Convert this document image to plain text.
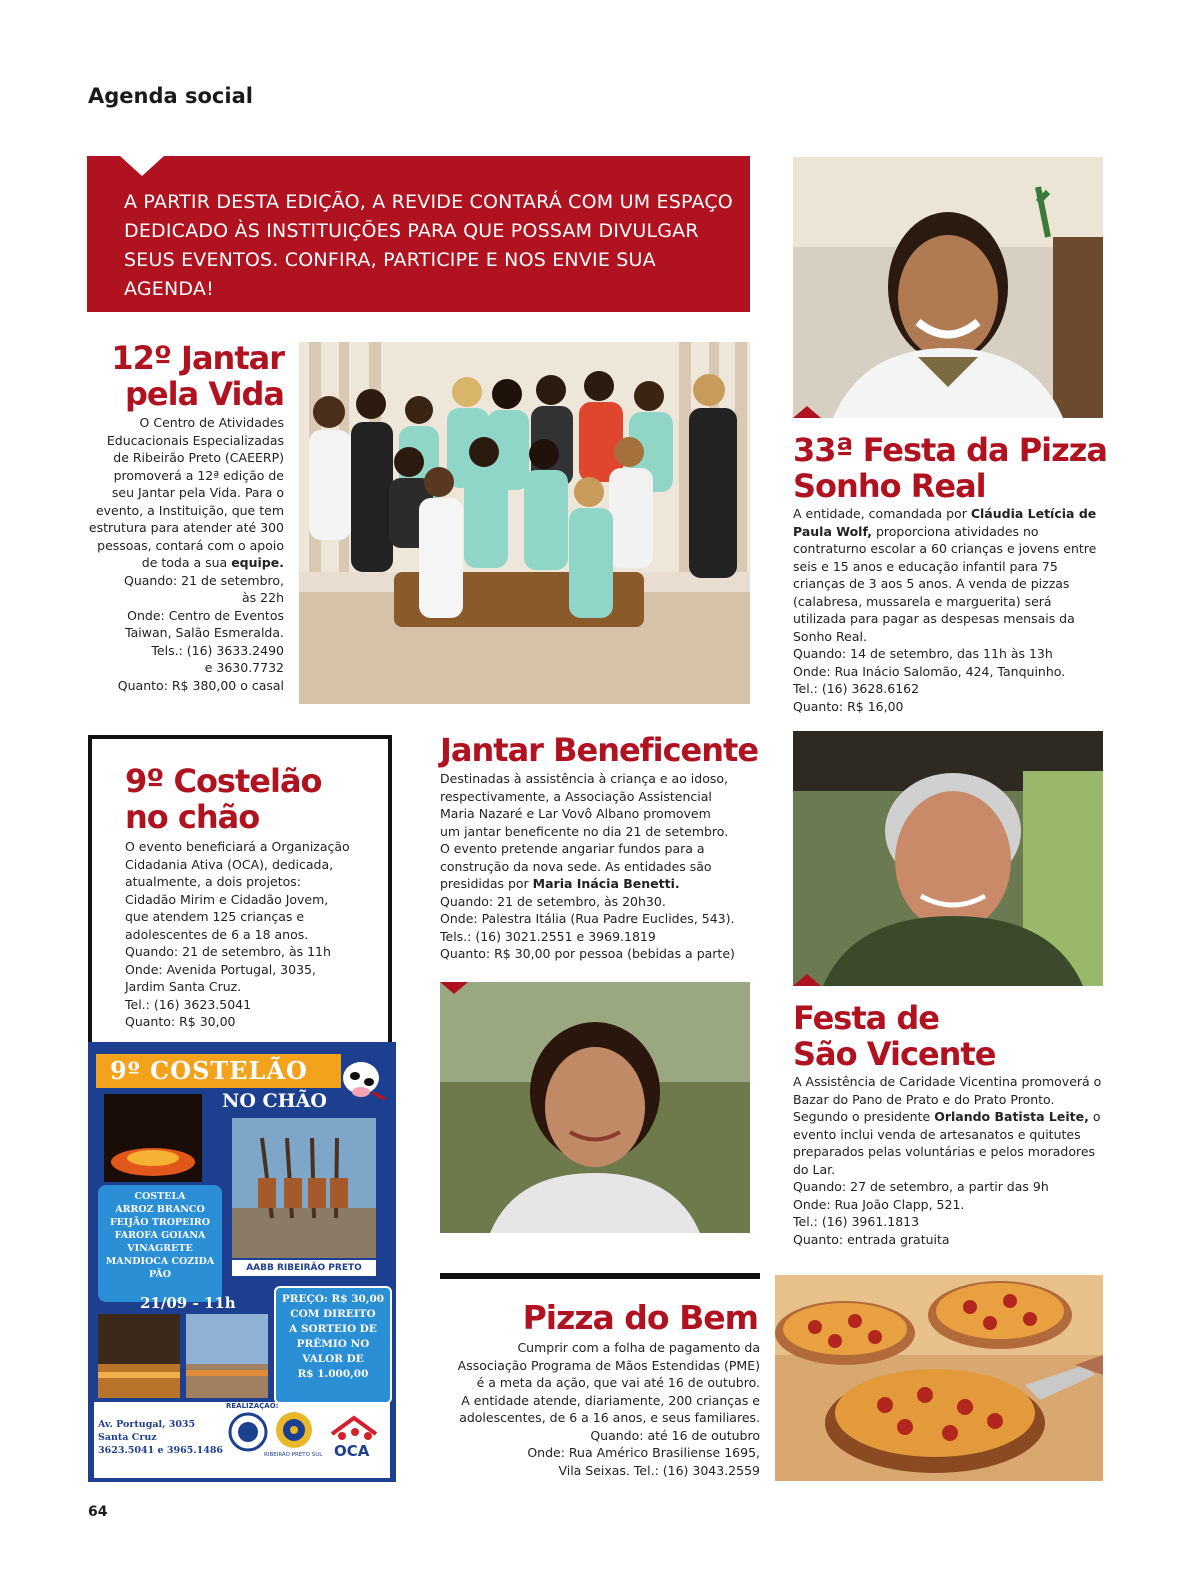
Agenda social
A PARTIR DESTA EDIÇÃO, A REVIDE CONTARÁ COM UM ESPAÇO
DEDICADO ÀS INSTITUIÇÕES PARA QUE POSSAM DIVULGAR
SEUS EVENTOS. CONFIRA, PARTICIPE E NOS ENVIE SUA AGENDA!
12º Jantar
pela Vida
O Centro de Atividades
Educacionais Especializadas
de Ribeirão Preto (CAEERP)
promoverá a 12ª edição de
seu Jantar pela Vida. Para o
evento, a Instituição, que tem
estrutura para atender até 300
pessoas, contará com o apoio
de toda a sua equipe.
Quando: 21 de setembro,
às 22h
Onde: Centro de Eventos
Taiwan, Salão Esmeralda.
Tels.: (16) 3633.2490
e 3630.7732
Quanto: R$ 380,00 o casal
33ª Festa da Pizza
Sonho Real
A entidade, comandada por Cláudia Letícia de Paula Wolf, proporciona atividades no contraturno escolar a 60 crianças e jovens entre seis e 15 anos e educação infantil para 75 crianças de 3 aos 5 anos. A venda de pizzas (calabresa, mussarela e marguerita) será utilizada para pagar as despesas mensais da Sonho Real.
Quando: 14 de setembro, das 11h às 13h
Onde: Rua Inácio Salomão, 424, Tanquinho.
Tel.: (16) 3628.6162
Quanto: R$ 16,00
9º Costelão
no chão
O evento beneficiará a Organização
Cidadania Ativa (OCA), dedicada,
atualmente, a dois projetos:
Cidadão Mirim e Cidadão Jovem,
que atendem 125 crianças e
adolescentes de 6 a 18 anos.
Quando: 21 de setembro, às 11h
Onde: Avenida Portugal, 3035,
Jardim Santa Cruz.
Tel.: (16) 3623.5041
Quanto: R$ 30,00
9º COSTELÃO
NO CHÃO
AABB RIBEIRÃO PRETO
COSTELA
ARROZ BRANCO
FEIJÃO TROPEIRO
FAROFA GOIANA
VINAGRETE
MANDIOCA COZIDA
PÃO
21/09 - 11h	PREÇO: R$ 30,00
COM DIREITO
A SORTEIO DE
PRÊMIO NO
VALOR DE
R$ 1.000,00
REALIZAÇÃO:
Av. Portugal, 3035
Santa Cruz
3623.5041 e 3965.1486	RIBEIRÃO PRETO SUL OCA
Jantar Beneficente
Destinadas à assistência à criança e ao idoso,
respectivamente, a Associação Assistencial
Maria Nazaré e Lar Vovô Albano promovem
um jantar beneficente no dia 21 de setembro.
O evento pretende angariar fundos para a
construção da nova sede. As entidades são
presididas por Maria Inácia Benetti.
Quando: 21 de setembro, às 20h30.
Onde: Palestra Itália (Rua Padre Euclides, 543).
Tels.: (16) 3021.2551 e 3969.1819
Quanto: R$ 30,00 por pessoa (bebidas a parte)
Festa de
São Vicente
A Assistência de Caridade Vicentina promoverá o Bazar do Pano de Prato e do Prato Pronto. Segundo o presidente Orlando Batista Leite, o evento inclui venda de artesanatos e quitutes preparados pelas voluntárias e pelos moradores do Lar.
Quando: 27 de setembro, a partir das 9h
Onde: Rua João Clapp, 521.
Tel.: (16) 3961.1813
Quanto: entrada gratuita
Pizza do Bem
Cumprir com a folha de pagamento da
Associação Programa de Mãos Estendidas (PME)
é a meta da ação, que vai até 16 de outubro.
A entidade atende, diariamente, 200 crianças e
adolescentes, de 6 a 16 anos, e seus familiares.
Quando: até 16 de outubro
Onde: Rua Américo Brasiliense 1695,
Vila Seixas. Tel.: (16) 3043.2559
64
